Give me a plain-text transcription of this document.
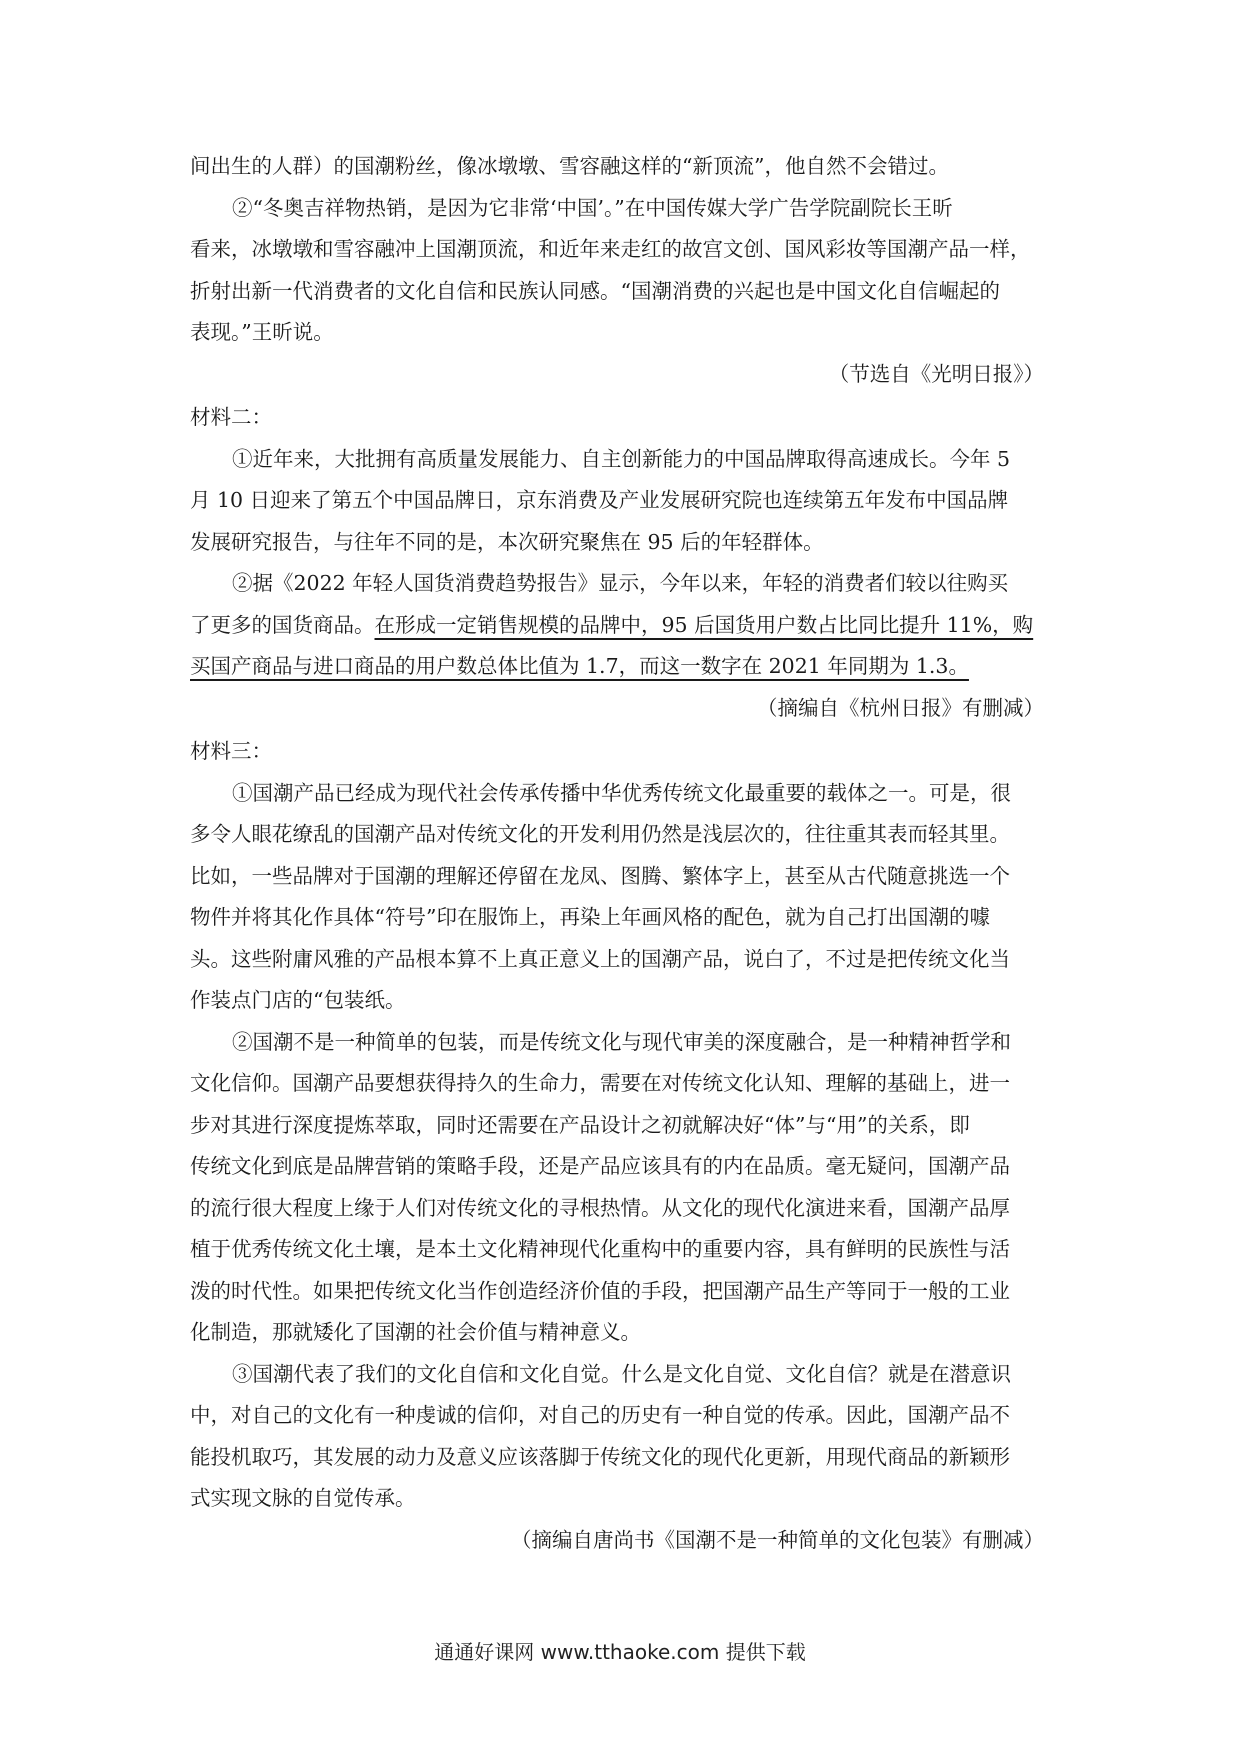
间出生的人群）的国潮粉丝，像冰墩墩、雪容融这样的“新顶流”，他自然不会错过。
②“冬奥吉祥物热销，是因为它非常‘中国’。”在中国传媒大学广告学院副院长王昕
看来，冰墩墩和雪容融冲上国潮顶流，和近年来走红的故宫文创、国风彩妆等国潮产品一样，
折射出新一代消费者的文化自信和民族认同感。“国潮消费的兴起也是中国文化自信崛起的
表现。”王昕说。
（节选自《光明日报》）
材料二：
①近年来，大批拥有高质量发展能力、自主创新能力的中国品牌取得高速成长。今年 5
月 10 日迎来了第五个中国品牌日，京东消费及产业发展研究院也连续第五年发布中国品牌
发展研究报告，与往年不同的是，本次研究聚焦在 95 后的年轻群体。
②据《2022 年轻人国货消费趋势报告》显示，今年以来，年轻的消费者们较以往购买
了更多的国货商品。在形成一定销售规模的品牌中，95 后国货用户数占比同比提升 11%，购
买国产商品与进口商品的用户数总体比值为 1.7，而这一数字在 2021 年同期为 1.3。
（摘编自《杭州日报》有删减）
材料三：
①国潮产品已经成为现代社会传承传播中华优秀传统文化最重要的载体之一。可是，很
多令人眼花缭乱的国潮产品对传统文化的开发利用仍然是浅层次的，往往重其表而轻其里。
比如，一些品牌对于国潮的理解还停留在龙凤、图腾、繁体字上，甚至从古代随意挑选一个
物件并将其化作具体“符号”印在服饰上，再染上年画风格的配色，就为自己打出国潮的噱
头。这些附庸风雅的产品根本算不上真正意义上的国潮产品，说白了，不过是把传统文化当
作装点门店的“包装纸。
②国潮不是一种简单的包装，而是传统文化与现代审美的深度融合，是一种精神哲学和
文化信仰。国潮产品要想获得持久的生命力，需要在对传统文化认知、理解的基础上，进一
步对其进行深度提炼萃取，同时还需要在产品设计之初就解决好“体”与“用”的关系，即
传统文化到底是品牌营销的策略手段，还是产品应该具有的内在品质。毫无疑问，国潮产品
的流行很大程度上缘于人们对传统文化的寻根热情。从文化的现代化演进来看，国潮产品厚
植于优秀传统文化土壤，是本土文化精神现代化重构中的重要内容，具有鲜明的民族性与活
泼的时代性。如果把传统文化当作创造经济价值的手段，把国潮产品生产等同于一般的工业
化制造，那就矮化了国潮的社会价值与精神意义。
③国潮代表了我们的文化自信和文化自觉。什么是文化自觉、文化自信？就是在潜意识
中，对自己的文化有一种虔诚的信仰，对自己的历史有一种自觉的传承。因此，国潮产品不
能投机取巧，其发展的动力及意义应该落脚于传统文化的现代化更新，用现代商品的新颖形
式实现文脉的自觉传承。
（摘编自唐尚书《国潮不是一种简单的文化包装》有删减）
通通好课网 www.tthaoke.com 提供下载
